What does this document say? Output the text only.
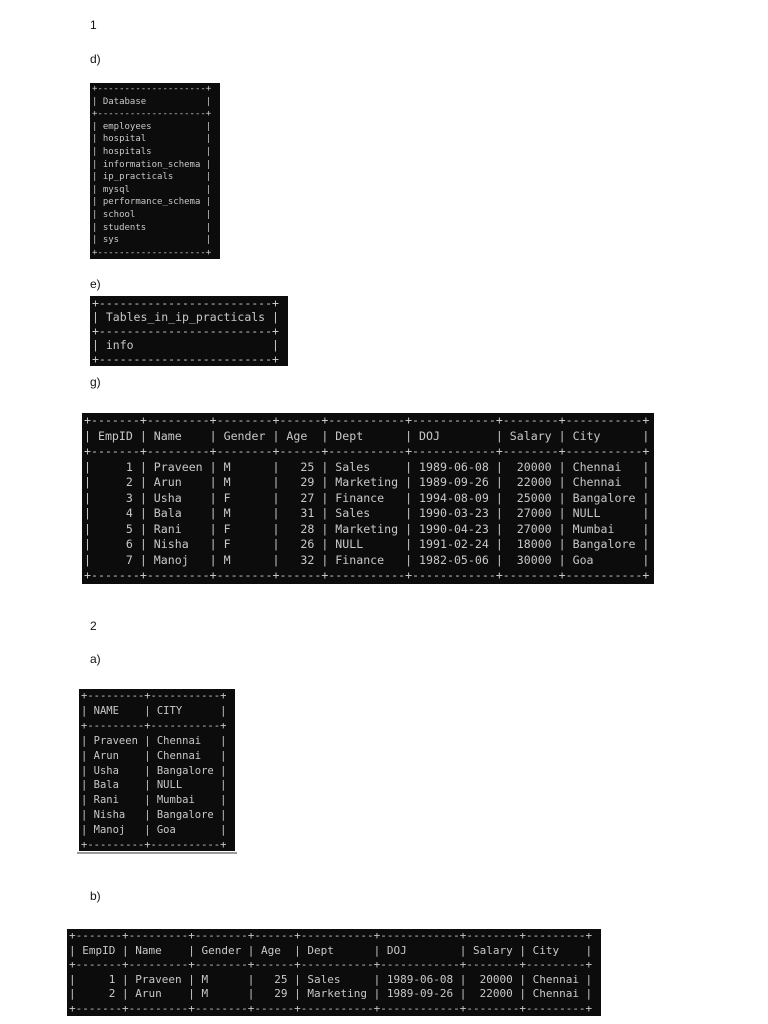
1
d)
+--------------------+
| Database           |
+--------------------+
| employees          |
| hospital           |
| hospitals          |
| information_schema |
| ip_practicals      |
| mysql              |
| performance_schema |
| school             |
| students           |
| sys                |
+--------------------+
e)
+-------------------------+
| Tables_in_ip_practicals |
+-------------------------+
| info                    |
+-------------------------+
g)
+-------+---------+--------+------+-----------+------------+--------+-----------+
| EmpID | Name    | Gender | Age  | Dept      | DOJ        | Salary | City      |
+-------+---------+--------+------+-----------+------------+--------+-----------+
|     1 | Praveen | M      |   25 | Sales     | 1989-06-08 |  20000 | Chennai   |
|     2 | Arun    | M      |   29 | Marketing | 1989-09-26 |  22000 | Chennai   |
|     3 | Usha    | F      |   27 | Finance   | 1994-08-09 |  25000 | Bangalore |
|     4 | Bala    | M      |   31 | Sales     | 1990-03-23 |  27000 | NULL      |
|     5 | Rani    | F      |   28 | Marketing | 1990-04-23 |  27000 | Mumbai    |
|     6 | Nisha   | F      |   26 | NULL      | 1991-02-24 |  18000 | Bangalore |
|     7 | Manoj   | M      |   32 | Finance   | 1982-05-06 |  30000 | Goa       |
+-------+---------+--------+------+-----------+------------+--------+-----------+
2
a)
+---------+-----------+
| NAME    | CITY      |
+---------+-----------+
| Praveen | Chennai   |
| Arun    | Chennai   |
| Usha    | Bangalore |
| Bala    | NULL      |
| Rani    | Mumbai    |
| Nisha   | Bangalore |
| Manoj   | Goa       |
+---------+-----------+
b)
+-------+---------+--------+------+-----------+------------+--------+---------+
| EmpID | Name    | Gender | Age  | Dept      | DOJ        | Salary | City    |
+-------+---------+--------+------+-----------+------------+--------+---------+
|     1 | Praveen | M      |   25 | Sales     | 1989-06-08 |  20000 | Chennai |
|     2 | Arun    | M      |   29 | Marketing | 1989-09-26 |  22000 | Chennai |
+-------+---------+--------+------+-----------+------------+--------+---------+
